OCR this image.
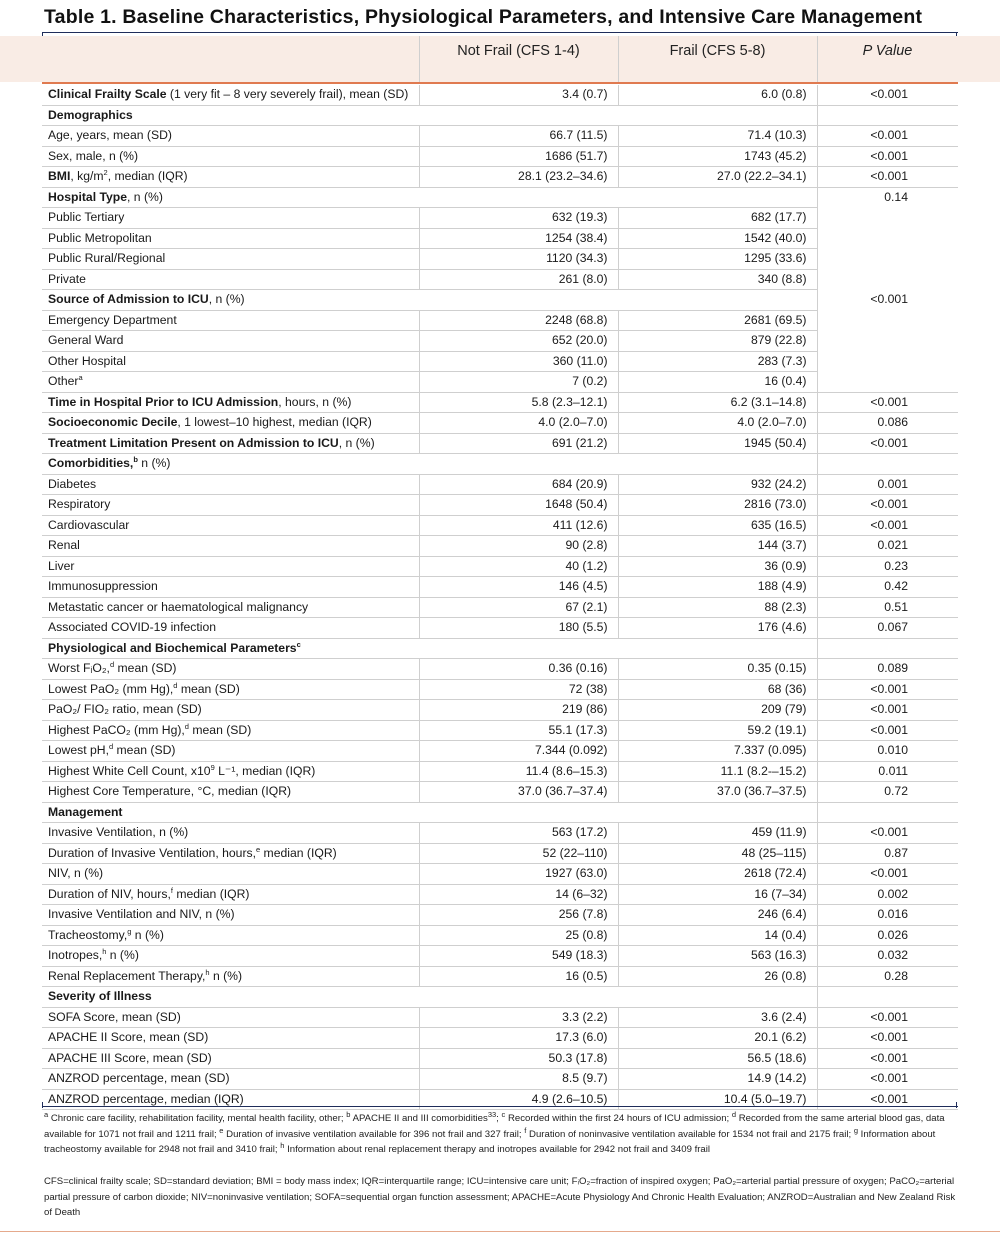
Table 1. Baseline Characteristics, Physiological Parameters, and Intensive Care Management
Not Frail (CFS 1-4)	Frail (CFS 5-8)	P Value
Clinical Frailty Scale (1 very fit – 8 very severely frail), mean (SD)	3.4 (0.7)	6.0 (0.8)	<0.001
Demographics			
Age, years, mean (SD)	66.7 (11.5)	71.4 (10.3)	<0.001
Sex, male, n (%)	1686 (51.7)	1743 (45.2)	<0.001
BMI, $kg/m^2$, median (IQR)	28.1 (23.2–34.6)	27.0 (22.2–34.1)	<0.001
Hospital Type, n (%)			0.14
Public Tertiary	632 (19.3)	682 (17.7)	
Public Metropolitan	1254 (38.4)	1542 (40.0)	
Public Rural/Regional	1120 (34.3)	1295 (33.6)	
Private	261 (8.0)	340 (8.8)	
Source of Admission to ICU, n (%)			<0.001
Emergency Department	2248 (68.8)	2681 (69.5)	
General Ward	652 (20.0)	879 (22.8)	
Other Hospital	360 (11.0)	283 (7.3)	
Other$^a$	7 (0.2)	16 (0.4)	
Time in Hospital Prior to ICU Admission, hours, n (%)	5.8 (2.3–12.1)	6.2 (3.1–14.8)	<0.001
Socioeconomic Decile, 1 lowest–10 highest, median (IQR)	4.0 (2.0–7.0)	4.0 (2.0–7.0)	0.086
Treatment Limitation Present on Admission to ICU, n (%)	691 (21.2)	1945 (50.4)	<0.001
Comorbidities,$^b$ n (%)			
Diabetes	684 (20.9)	932 (24.2)	0.001
Respiratory	1648 (50.4)	2816 (73.0)	<0.001
Cardiovascular	411 (12.6)	635 (16.5)	<0.001
Renal	90 (2.8)	144 (3.7)	0.021
Liver	40 (1.2)	36 (0.9)	0.23
Immunosuppression	146 (4.5)	188 (4.9)	0.42
Metastatic cancer or haematological malignancy	67 (2.1)	88 (2.3)	0.51
Associated COVID-19 infection	180 (5.5)	176 (4.6)	0.067
Physiological and Biochemical Parameters$^c$	
Worst FᵢO₂,$^d$ mean (SD)	0.36 (0.16)	0.35 (0.15)	0.089
Lowest PaO₂ (mm Hg),$^d$ mean (SD)	72 (38)	68 (36)	<0.001
PaO₂/ FIO₂ ratio, mean (SD)	219 (86)	209 (79)	<0.001
Highest PaCO₂ (mm Hg),$^d$ mean (SD)	55.1 (17.3)	59.2 (19.1)	<0.001
Lowest pH,$^d$ mean (SD)	7.344 (0.092)	7.337 (0.095)	0.010
Highest White Cell Count, $x10^9$ L⁻¹, median (IQR)	11.4 (8.6–15.3)	11.1 (8.2-–15.2)	0.011
Highest Core Temperature, °C, median (IQR)	37.0 (36.7–37.4)	37.0 (36.7–37.5)	0.72
Management			
Invasive Ventilation, n (%)	563 (17.2)	459 (11.9)	<0.001
Duration of Invasive Ventilation, hours,$^e$ median (IQR)	52 (22–110)	48 (25–115)	0.87
NIV, n (%)	1927 (63.0)	2618 (72.4)	<0.001
Duration of NIV, hours,$^f$ median (IQR)	14 (6–32)	16 (7–34)	0.002
Invasive Ventilation and NIV, n (%)	256 (7.8)	246 (6.4)	0.016
Tracheostomy,$^g$ n (%)	25 (0.8)	14 (0.4)	0.026
Inotropes,$^h$ n (%)	549 (18.3)	563 (16.3)	0.032
Renal Replacement Therapy,$^h$ n (%)	16 (0.5)	26 (0.8)	0.28
Severity of Illness			
SOFA Score, mean (SD)	3.3 (2.2)	3.6 (2.4)	<0.001
APACHE II Score, mean (SD)	17.3 (6.0)	20.1 (6.2)	<0.001
APACHE III Score, mean (SD)	50.3 (17.8)	56.5 (18.6)	<0.001
ANZROD percentage, mean (SD)	8.5 (9.7)	14.9 (14.2)	<0.001
ANZROD percentage, median (IQR)	4.9 (2.6–10.5)	10.4 (5.0–19.7)	<0.001
$^a$ Chronic care facility, rehabilitation facility, mental health facility, other; $^b$ APACHE II and III comorbidities$^{33}$; $^c$ Recorded within the first 24 hours of ICU admission; $^d$ Recorded from the same arterial blood gas, data available for 1071 not frail and 1211 frail; $^e$ Duration of invasive ventilation available for 396 not frail and 327 frail; $^f$ Duration of noninvasive ventilation available for 1534 not frail and 2175 frail; $^g$ Information about tracheostomy available for 2948 not frail and 3410 frail; $^h$ Information about renal replacement therapy and inotropes available for 2942 not frail and 3409 frail
CFS=clinical frailty scale; SD=standard deviation; BMI = body mass index; IQR=interquartile range; ICU=intensive care unit; FᵢO₂=fraction of inspired oxygen; PaO₂=arterial partial pressure of oxygen; PaCO₂=arterial partial pressure of carbon dioxide; NIV=noninvasive ventilation; SOFA=sequential organ function assessment; APACHE=Acute Physiology And Chronic Health Evaluation; ANZROD=Australian and New Zealand Risk of Death
